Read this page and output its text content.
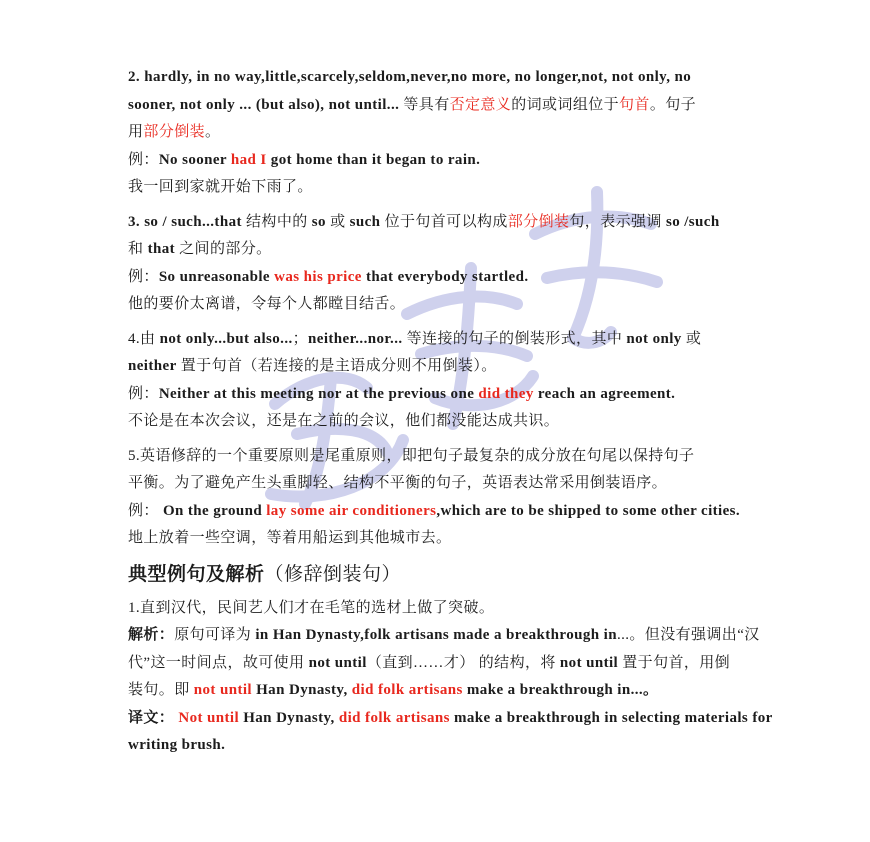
2. hardly, in no way,little,scarcely,seldom,never,no more, no longer,not, not only, no
sooner, not only ... (but also), not until... 等具有否定意义的词或词组位于句首。句子
用部分倒装。
例：No sooner had I got home than it began to rain.
我一回到家就开始下雨了。
3. so / such...that 结构中的 so 或 such 位于句首可以构成部分倒装句，表示强调 so /such
和 that 之间的部分。
例：So unreasonable was his price that everybody startled.
他的要价太离谱，令每个人都瞠目结舌。
4.由 not only...but also...；neither...nor... 等连接的句子的倒装形式，其中 not only 或
neither 置于句首（若连接的是主语成分则不用倒装）。
例：Neither at this meeting nor at the previous one did they reach an agreement.
不论是在本次会议，还是在之前的会议，他们都没能达成共识。
5.英语修辞的一个重要原则是尾重原则，即把句子最复杂的成分放在句尾以保持句子
平衡。为了避免产生头重脚轻、结构不平衡的句子，英语表达常采用倒装语序。
例： On the ground lay some air conditioners,which are to be shipped to some other cities.
地上放着一些空调，等着用船运到其他城市去。
典型例句及解析（修辞倒装句）
1.直到汉代，民间艺人们才在毛笔的选材上做了突破。
解析：原句可译为 in Han Dynasty,folk artisans made a breakthrough in...。但没有强调出“汉
代”这一时间点，故可使用 not until（直到……才） 的结构，将 not until 置于句首，用倒
装句。即 not until Han Dynasty, did folk artisans make a breakthrough in...。
译文： Not until Han Dynasty, did folk artisans make a breakthrough in selecting materials for
writing brush.
